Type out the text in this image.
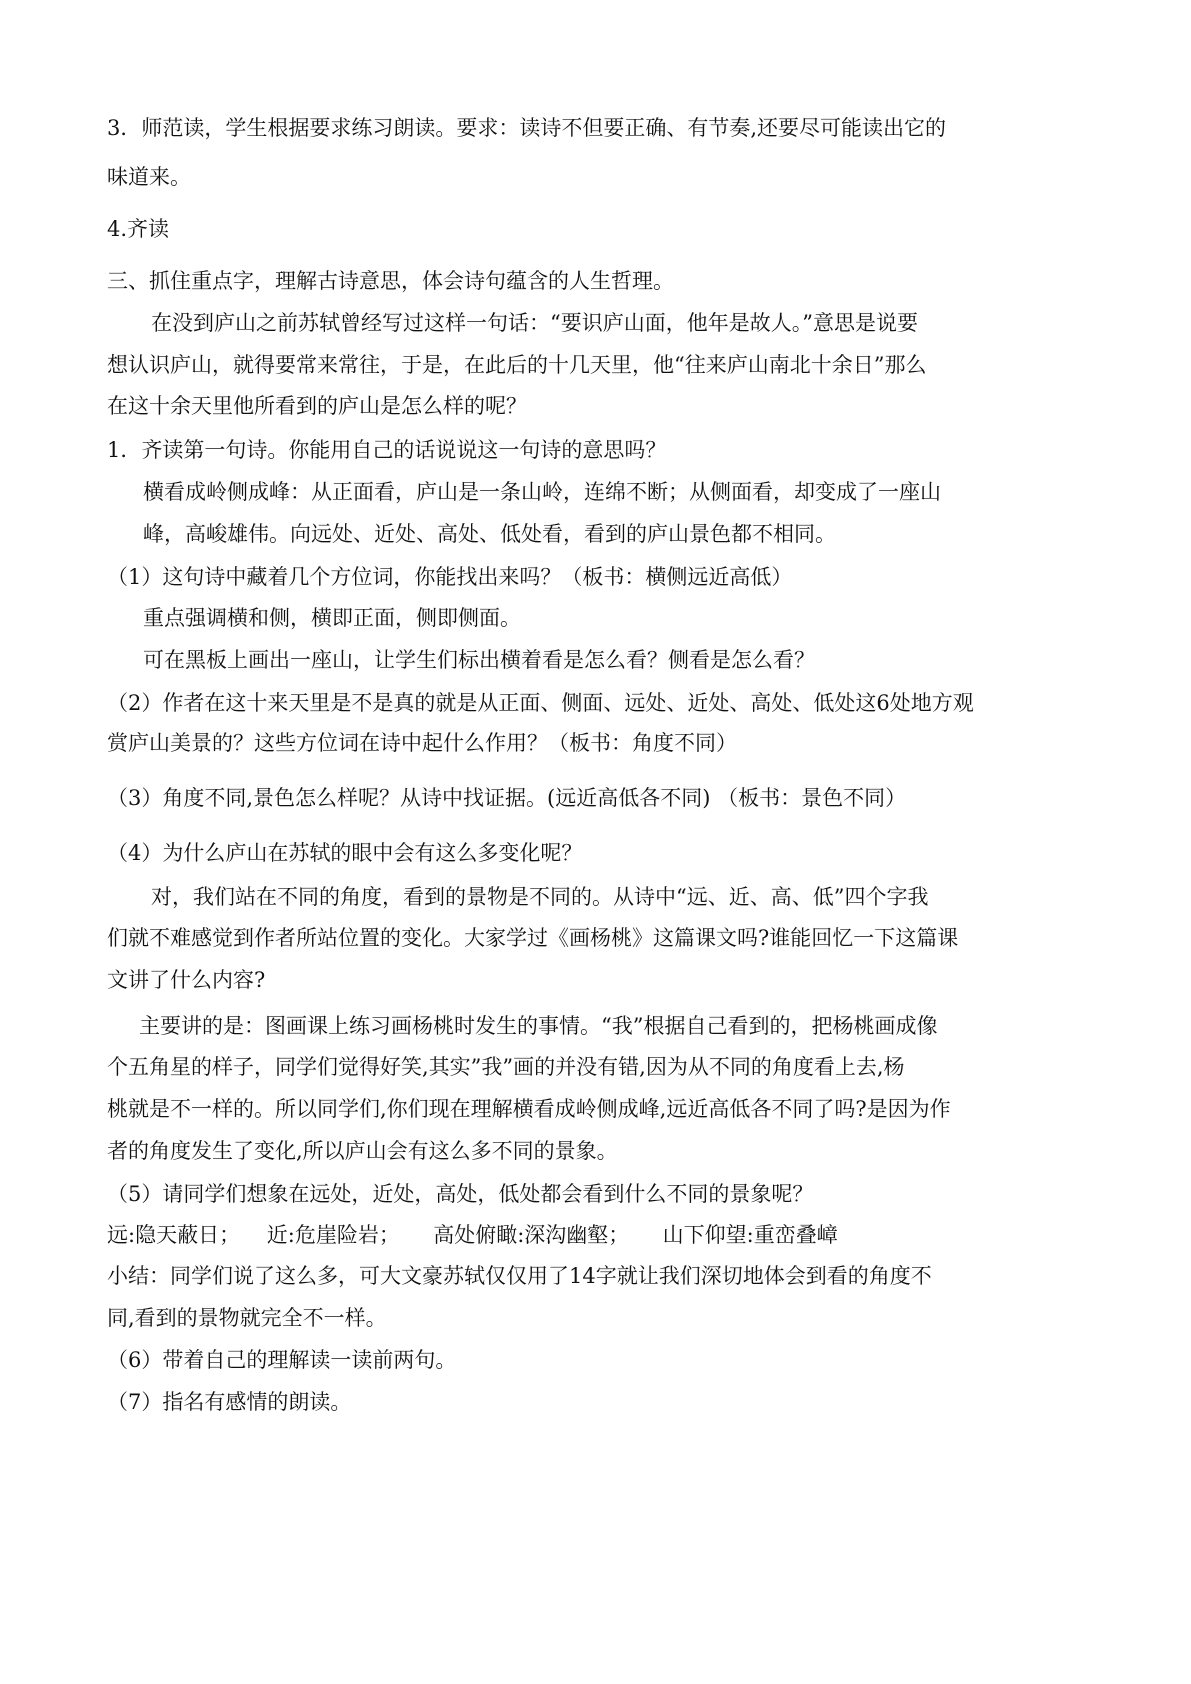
3．师范读，学生根据要求练习朗读。要求：读诗不但要正确、有节奏,还要尽可能读出它的
味道来。
4.齐读
三、抓住重点字，理解古诗意思，体会诗句蕴含的人生哲理。
在没到庐山之前苏轼曾经写过这样一句话：“要识庐山面，他年是故人。”意思是说要
想认识庐山，就得要常来常往，于是，在此后的十几天里，他“往来庐山南北十余日”那么
在这十余天里他所看到的庐山是怎么样的呢？
1．齐读第一句诗。你能用自己的话说说这一句诗的意思吗？
横看成岭侧成峰：从正面看，庐山是一条山岭，连绵不断；从侧面看，却变成了一座山
峰，高峻雄伟。向远处、近处、高处、低处看，看到的庐山景色都不相同。
（1）这句诗中藏着几个方位词，你能找出来吗？（板书：横侧远近高低）
重点强调横和侧，横即正面，侧即侧面。
可在黑板上画出一座山，让学生们标出横着看是怎么看？侧看是怎么看？
（2）作者在这十来天里是不是真的就是从正面、侧面、远处、近处、高处、低处这6处地方观
赏庐山美景的？这些方位词在诗中起什么作用？（板书：角度不同）
（3）角度不同,景色怎么样呢？从诗中找证据。(远近高低各不同) （板书：景色不同）
（4）为什么庐山在苏轼的眼中会有这么多变化呢？
对，我们站在不同的角度，看到的景物是不同的。从诗中“远、近、高、低”四个字我
们就不难感觉到作者所站位置的变化。大家学过《画杨桃》这篇课文吗?谁能回忆一下这篇课
文讲了什么内容?
主要讲的是：图画课上练习画杨桃时发生的事情。“我”根据自己看到的，把杨桃画成像
个五角星的样子，同学们觉得好笑,其实”我”画的并没有错,因为从不同的角度看上去,杨
桃就是不一样的。所以同学们,你们现在理解横看成岭侧成峰,远近高低各不同了吗?是因为作
者的角度发生了变化,所以庐山会有这么多不同的景象。
（5）请同学们想象在远处，近处，高处，低处都会看到什么不同的景象呢？
远:隐天蔽日；    近:危崖险岩；     高处俯瞰:深沟幽壑；     山下仰望:重峦叠嶂
小结：同学们说了这么多，可大文豪苏轼仅仅用了14字就让我们深切地体会到看的角度不
同,看到的景物就完全不一样。
（6）带着自己的理解读一读前两句。
（7）指名有感情的朗读。
